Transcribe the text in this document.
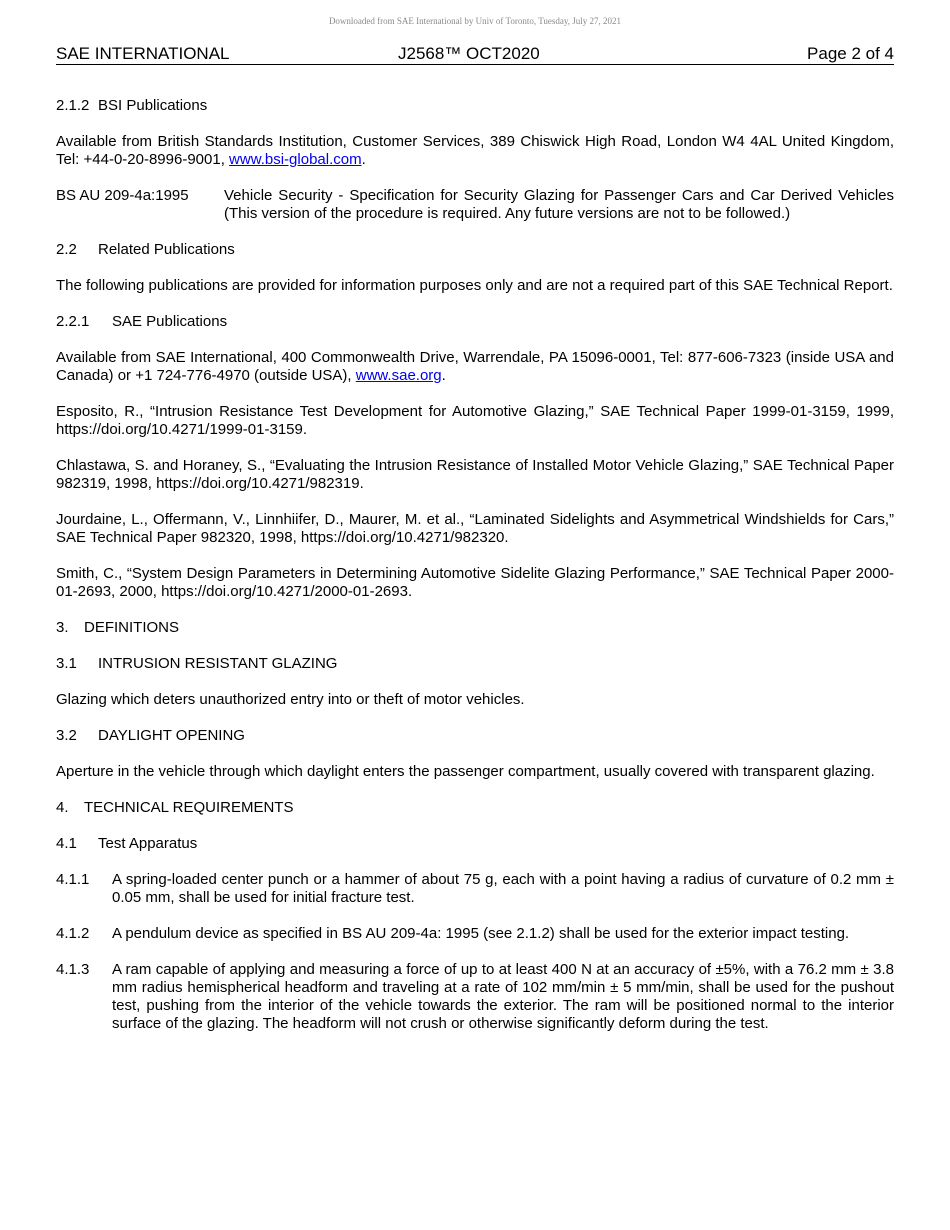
Downloaded from SAE International by Univ of Toronto, Tuesday, July 27, 2021
SAE INTERNATIONAL	J2568™ OCT2020	Page 2 of 4
2.1.2 BSI Publications

Available from British Standards Institution, Customer Services, 389 Chiswick High Road, London W4 4AL United Kingdom, Tel: +44-0-20-8996-9001, www.bsi-global.com.

BS AU 209-4a:1995	Vehicle Security - Specification for Security Glazing for Passenger Cars and Car Derived Vehicles (This version of the procedure is required. Any future versions are not to be followed.)
2.2 Related Publications

The following publications are provided for information purposes only and are not a required part of this SAE Technical Report.

2.2.1 SAE Publications

Available from SAE International, 400 Commonwealth Drive, Warrendale, PA 15096-0001, Tel: 877-606-7323 (inside USA and Canada) or +1 724-776-4970 (outside USA), www.sae.org.

Esposito, R., “Intrusion Resistance Test Development for Automotive Glazing,” SAE Technical Paper 1999-01-3159, 1999, https://doi.org/10.4271/1999-01-3159.

Chlastawa, S. and Horaney, S., “Evaluating the Intrusion Resistance of Installed Motor Vehicle Glazing,” SAE Technical Paper 982319, 1998, https://doi.org/10.4271/982319.

Jourdaine, L., Offermann, V., Linnhiifer, D., Maurer, M. et al., “Laminated Sidelights and Asymmetrical Windshields for Cars,” SAE Technical Paper 982320, 1998, https://doi.org/10.4271/982320.

Smith, C., “System Design Parameters in Determining Automotive Sidelite Glazing Performance,” SAE Technical Paper 2000-01-2693, 2000, https://doi.org/10.4271/2000-01-2693.

3. DEFINITIONS
3.1 INTRUSION RESISTANT GLAZING

Glazing which deters unauthorized entry into or theft of motor vehicles.

3.2 DAYLIGHT OPENING

Aperture in the vehicle through which daylight enters the passenger compartment, usually covered with transparent glazing.

4. TECHNICAL REQUIREMENTS
4.1 Test Apparatus
4.1.1	A spring-loaded center punch or a hammer of about 75 g, each with a point having a radius of curvature of 0.2 mm ± 0.05 mm, shall be used for initial fracture test.
4.1.2	A pendulum device as specified in BS AU 209-4a: 1995 (see 2.1.2) shall be used for the exterior impact testing.
4.1.3	A ram capable of applying and measuring a force of up to at least 400 N at an accuracy of ±5%, with a 76.2 mm ± 3.8 mm radius hemispherical headform and traveling at a rate of 102 mm/min ± 5 mm/min, shall be used for the pushout test, pushing from the interior of the vehicle towards the exterior. The ram will be positioned normal to the interior surface of the glazing. The headform will not crush or otherwise significantly deform during the test.
